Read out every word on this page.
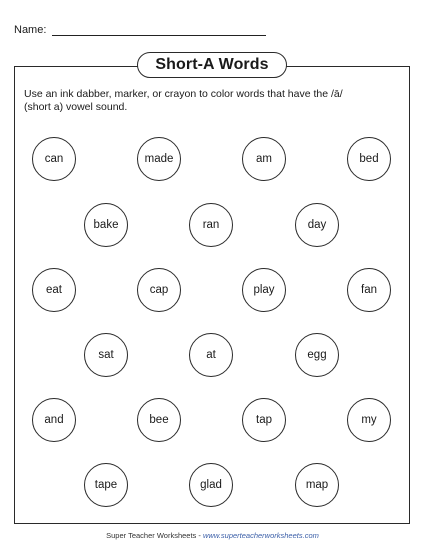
Name:
Short-A Words
Use an ink dabber, marker, or crayon to color words that have the /ā/ (short a) vowel sound.
can	made	am	bed
bake	ran	day
eat	cap	play	fan
sat	at	egg
and	bee	tap	my
tape	glad	map
Super Teacher Worksheets - www.superteacherworksheets.com
